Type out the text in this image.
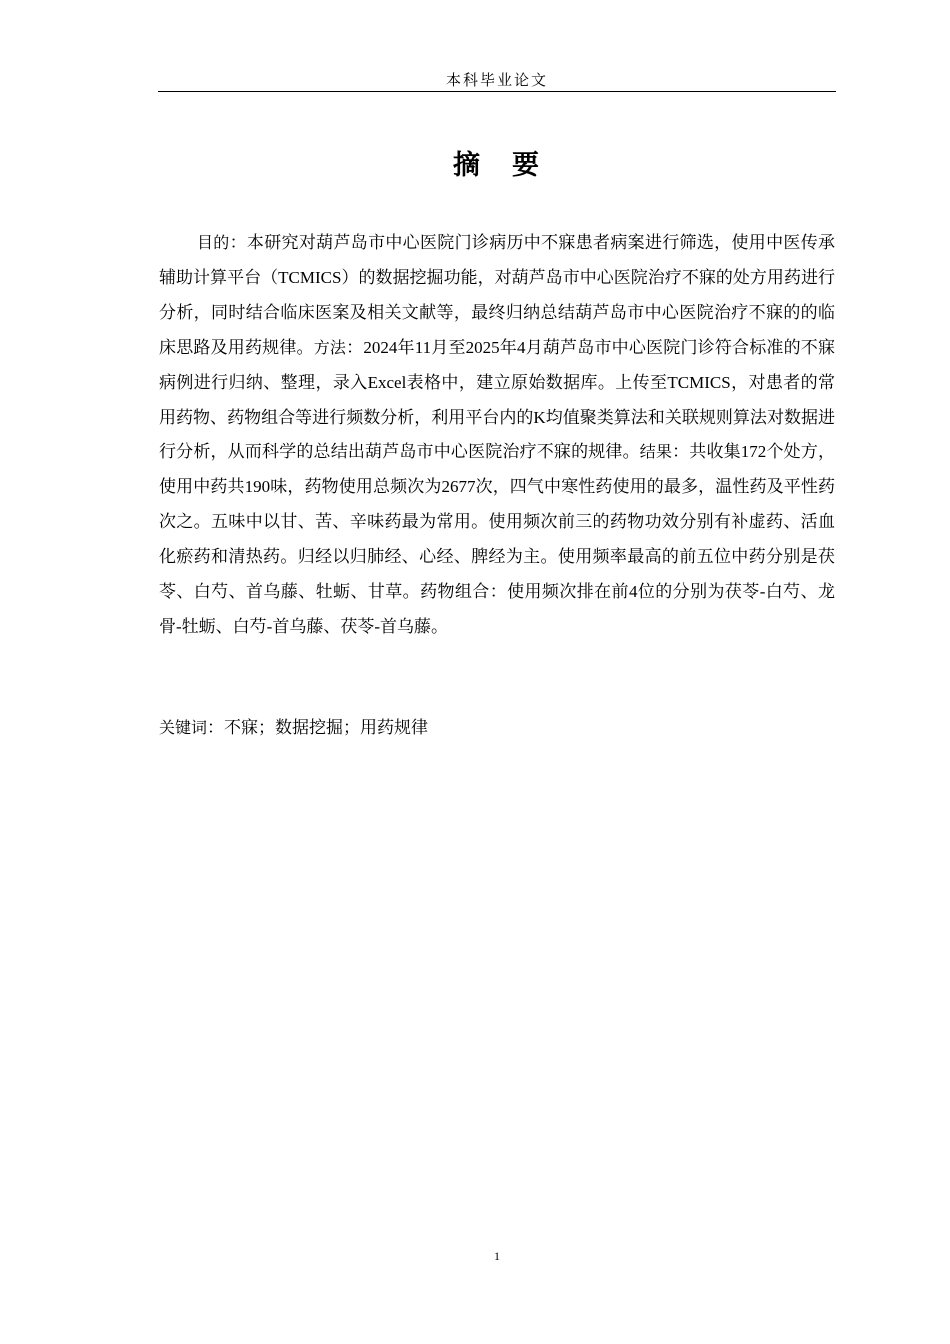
本科毕业论文
摘 要

目的：本研究对葫芦岛市中心医院门诊病历中不寐患者病案进行筛选，使用中医传承辅助计算平台（TCMICS）的数据挖掘功能，对葫芦岛市中心医院治疗不寐的处方用药进行分析，同时结合临床医案及相关文献等，最终归纳总结葫芦岛市中心医院治疗不寐的的临床思路及用药规律。方法：2024年11月至2025年4月葫芦岛市中心医院门诊符合标准的不寐病例进行归纳、整理，录入Excel表格中，建立原始数据库。上传至TCMICS，对患者的常用药物、药物组合等进行频数分析，利用平台内的K均值聚类算法和关联规则算法对数据进行分析，从而科学的总结出葫芦岛市中心医院治疗不寐的规律。结果：共收集172个处方，使用中药共190味，药物使用总频次为2677次，四气中寒性药使用的最多，温性药及平性药次之。五味中以甘、苦、辛味药最为常用。使用频次前三的药物功效分别有补虚药、活血化瘀药和清热药。归经以归肺经、心经、脾经为主。使用频率最高的前五位中药分别是茯苓、白芍、首乌藤、牡蛎、甘草。药物组合：使用频次排在前4位的分别为茯苓-白芍、龙骨-牡蛎、白芍-首乌藤、茯苓-首乌藤。

关键词：不寐；数据挖掘；用药规律

1
